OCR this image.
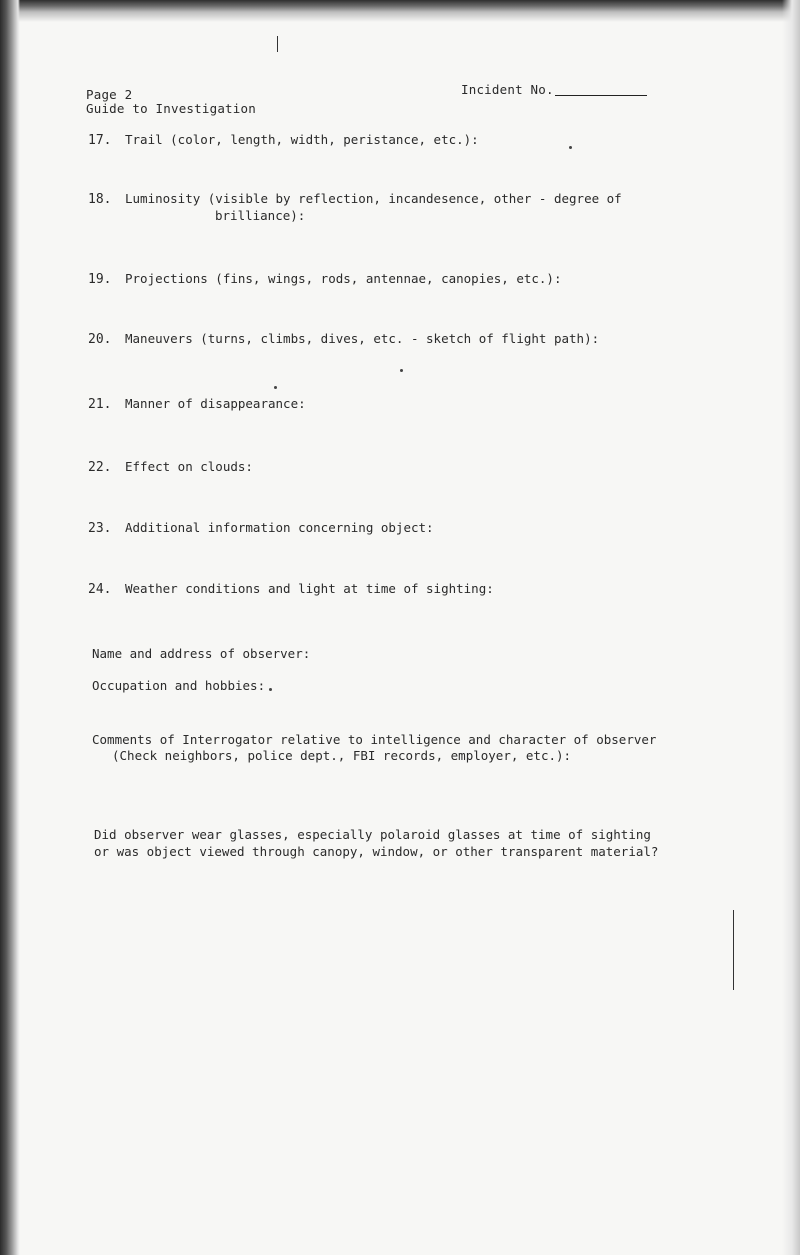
Page 2
Guide to Investigation
Incident No.
17. Trail (color, length, width, peristance, etc.):
18. Luminosity (visible by reflection, incandesence, other - degree of
brilliance):
19. Projections (fins, wings, rods, antennae, canopies, etc.):
20. Maneuvers (turns, climbs, dives, etc. - sketch of flight path):
21. Manner of disappearance:
22. Effect on clouds:
23. Additional information concerning object:
24. Weather conditions and light at time of sighting:
Name and address of observer:
Occupation and hobbies:
Comments of Interrogator relative to intelligence and character of observer
(Check neighbors, police dept., FBI records, employer, etc.):
Did observer wear glasses, especially polaroid glasses at time of sighting
or was object viewed through canopy, window, or other transparent material?
